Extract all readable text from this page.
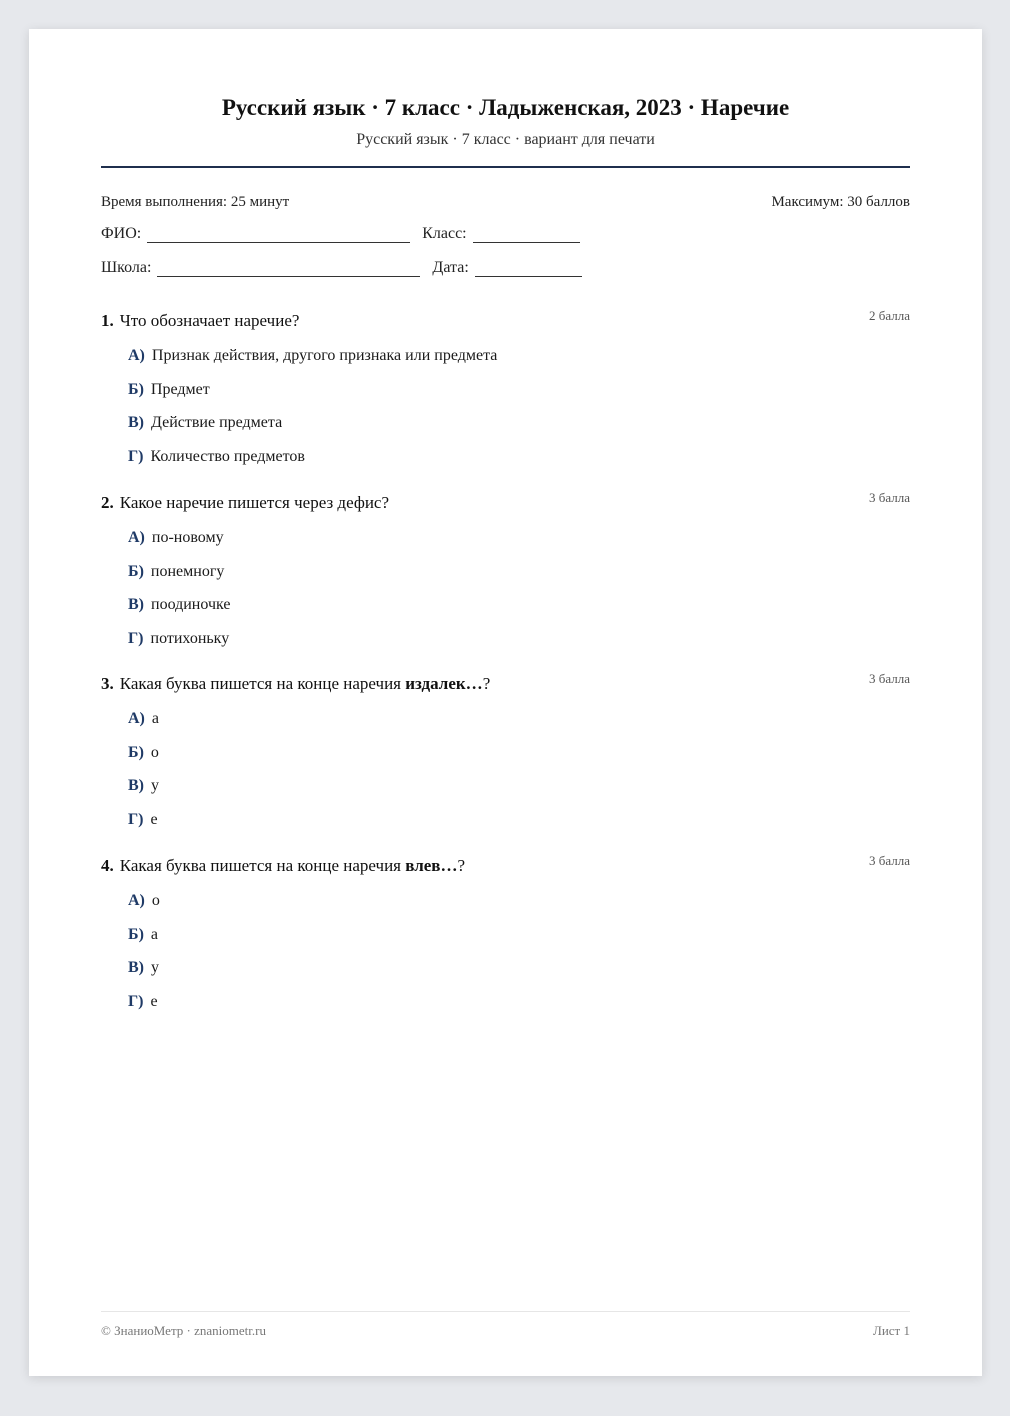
Русский язык · 7 класс · Ладыженская, 2023 · Наречие
Русский язык · 7 класс · вариант для печати
Время выполнения: 25 минут	Максимум: 30 баллов
ФИО:	Класс:
Школа:	Дата:
1. Что обозначает наречие?	2 балла
А) Признак действия, другого признака или предмета
Б) Предмет
В) Действие предмета
Г) Количество предметов
2. Какое наречие пишется через дефис?	3 балла
А) по-новому
Б) понемногу
В) поодиночке
Г) потихоньку
3. Какая буква пишется на конце наречия издалек…?	3 балла
А) а
Б) о
В) у
Г) е
4. Какая буква пишется на конце наречия влев…?	3 балла
А) о
Б) а
В) у
Г) е
© ЗнаниоМетр · znaniometr.ru	Лист 1
